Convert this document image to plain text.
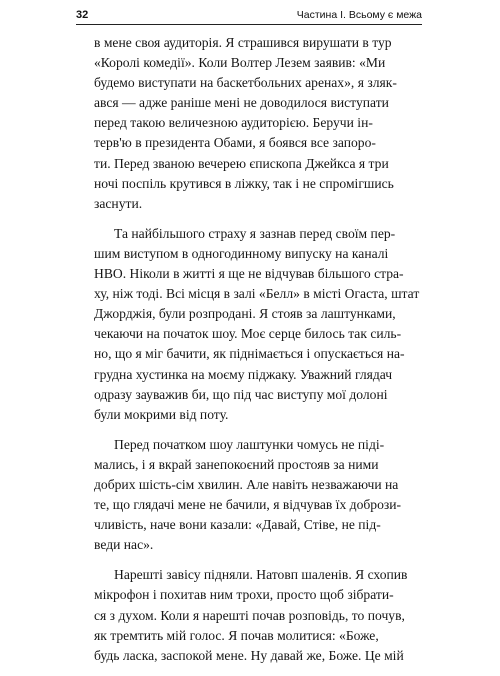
32	Частина І. Всьому є межа

в мене своя аудиторія. Я страшився вирушати в тур
«Королі комедії». Коли Волтер Лезем заявив: «Ми
будемо виступати на баскетбольних аренах», я зляк-
ався — адже раніше мені не доводилося виступати
перед такою величезною аудиторією. Беручи ін-
терв'ю в президента Обами, я боявся все запоро-
ти. Перед званою вечерею єпископа Джейкса я три
ночі поспіль крутився в ліжку, так і не спромігшись
заснути.

Та найбільшого страху я зазнав перед своїм пер-
шим виступом в одногодинному випуску на каналі
HBO. Ніколи в житті я ще не відчував більшого стра-
ху, ніж тоді. Всі місця в залі «Белл» в місті Огаста, штат
Джорджія, були розпродані. Я стояв за лаштунками,
чекаючи на початок шоу. Моє серце билось так силь-
но, що я міг бачити, як піднімається і опускається на-
грудна хустинка на моєму піджаку. Уважний глядач
одразу зауважив би, що під час виступу мої долоні
були мокрими від поту.

Перед початком шоу лаштунки чомусь не піді-
мались, і я вкрай занепокоєний простояв за ними
добрих шість-сім хвилин. Але навіть незважаючи на
те, що глядачі мене не бачили, я відчував їх добрози-
чливість, наче вони казали: «Давай, Стіве, не під-
веди нас».

Нарешті завісу підняли. Натовп шаленів. Я схопив
мікрофон і похитав ним трохи, просто щоб зібрати-
ся з духом. Коли я нарешті почав розповідь, то почув,
як тремтить мій голос. Я почав молитися: «Боже,
будь ласка, заспокой мене. Ну давай же, Боже. Це мій
